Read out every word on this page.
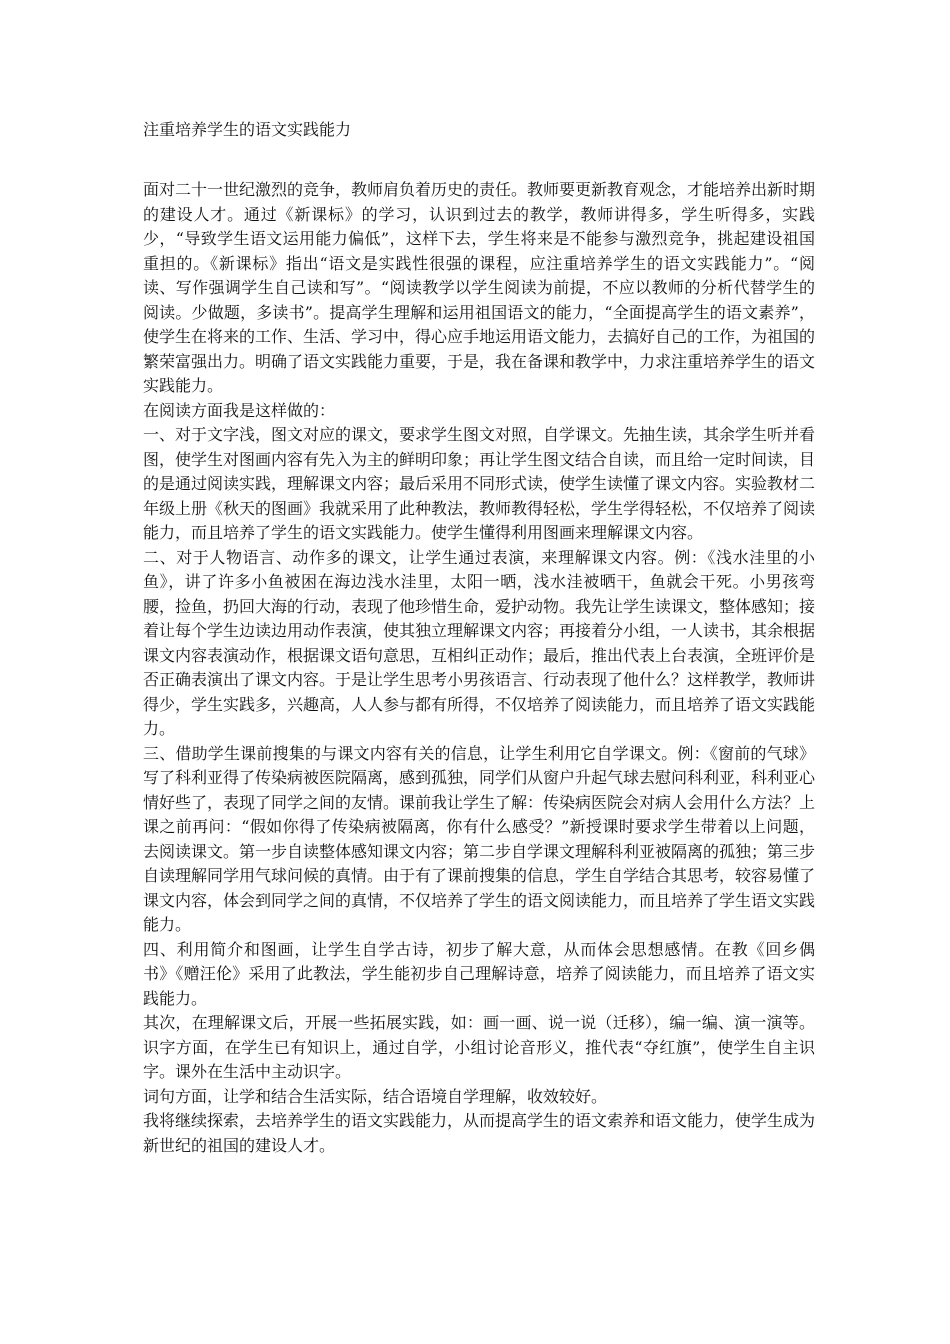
注重培养学生的语文实践能力

面对二十一世纪激烈的竞争，教师肩负着历史的责任。教师要更新教育观念，才能培养出新时期的建设人才。通过《新课标》的学习，认识到过去的教学，教师讲得多，学生听得多，实践少，“导致学生语文运用能力偏低”，这样下去，学生将来是不能参与激烈竞争，挑起建设祖国重担的。《新课标》指出“语文是实践性很强的课程，应注重培养学生的语文实践能力”。“阅读、写作强调学生自己读和写”。“阅读教学以学生阅读为前提，不应以教师的分析代替学生的阅读。少做题，多读书”。提高学生理解和运用祖国语文的能力，“全面提高学生的语文素养”，使学生在将来的工作、生活、学习中，得心应手地运用语文能力，去搞好自己的工作，为祖国的繁荣富强出力。明确了语文实践能力重要，于是，我在备课和教学中，力求注重培养学生的语文实践能力。

在阅读方面我是这样做的：

一、对于文字浅，图文对应的课文，要求学生图文对照，自学课文。先抽生读，其余学生听并看图，使学生对图画内容有先入为主的鲜明印象；再让学生图文结合自读，而且给一定时间读，目的是通过阅读实践，理解课文内容；最后采用不同形式读，使学生读懂了课文内容。实验教材二年级上册《秋天的图画》我就采用了此种教法，教师教得轻松，学生学得轻松，不仅培养了阅读能力，而且培养了学生的语文实践能力。使学生懂得利用图画来理解课文内容。

二、对于人物语言、动作多的课文，让学生通过表演，来理解课文内容。例：《浅水洼里的小鱼》，讲了许多小鱼被困在海边浅水洼里，太阳一晒，浅水洼被晒干，鱼就会干死。小男孩弯腰，捡鱼，扔回大海的行动，表现了他珍惜生命，爱护动物。我先让学生读课文，整体感知；接着让每个学生边读边用动作表演，使其独立理解课文内容；再接着分小组，一人读书，其余根据课文内容表演动作，根据课文语句意思，互相纠正动作；最后，推出代表上台表演，全班评价是否正确表演出了课文内容。于是让学生思考小男孩语言、行动表现了他什么？这样教学，教师讲得少，学生实践多，兴趣高，人人参与都有所得，不仅培养了阅读能力，而且培养了语文实践能力。

三、借助学生课前搜集的与课文内容有关的信息，让学生利用它自学课文。例：《窗前的气球》写了科利亚得了传染病被医院隔离，感到孤独，同学们从窗户升起气球去慰问科利亚，科利亚心情好些了，表现了同学之间的友情。课前我让学生了解：传染病医院会对病人会用什么方法？上课之前再问：“假如你得了传染病被隔离，你有什么感受？”新授课时要求学生带着以上问题，去阅读课文。第一步自读整体感知课文内容；第二步自学课文理解科利亚被隔离的孤独；第三步自读理解同学用气球问候的真情。由于有了课前搜集的信息，学生自学结合其思考，较容易懂了课文内容，体会到同学之间的真情，不仅培养了学生的语文阅读能力，而且培养了学生语文实践能力。

四、利用简介和图画，让学生自学古诗，初步了解大意，从而体会思想感情。在教《回乡偶书》《赠汪伦》采用了此教法，学生能初步自己理解诗意，培养了阅读能力，而且培养了语文实践能力。

其次，在理解课文后，开展一些拓展实践，如：画一画、说一说（迁移），编一编、演一演等。识字方面，在学生已有知识上，通过自学，小组讨论音形义，推代表“夺红旗”，使学生自主识字。课外在生活中主动识字。

词句方面，让学和结合生活实际，结合语境自学理解，收效较好。

我将继续探索，去培养学生的语文实践能力，从而提高学生的语文索养和语文能力，使学生成为新世纪的祖国的建设人才。
